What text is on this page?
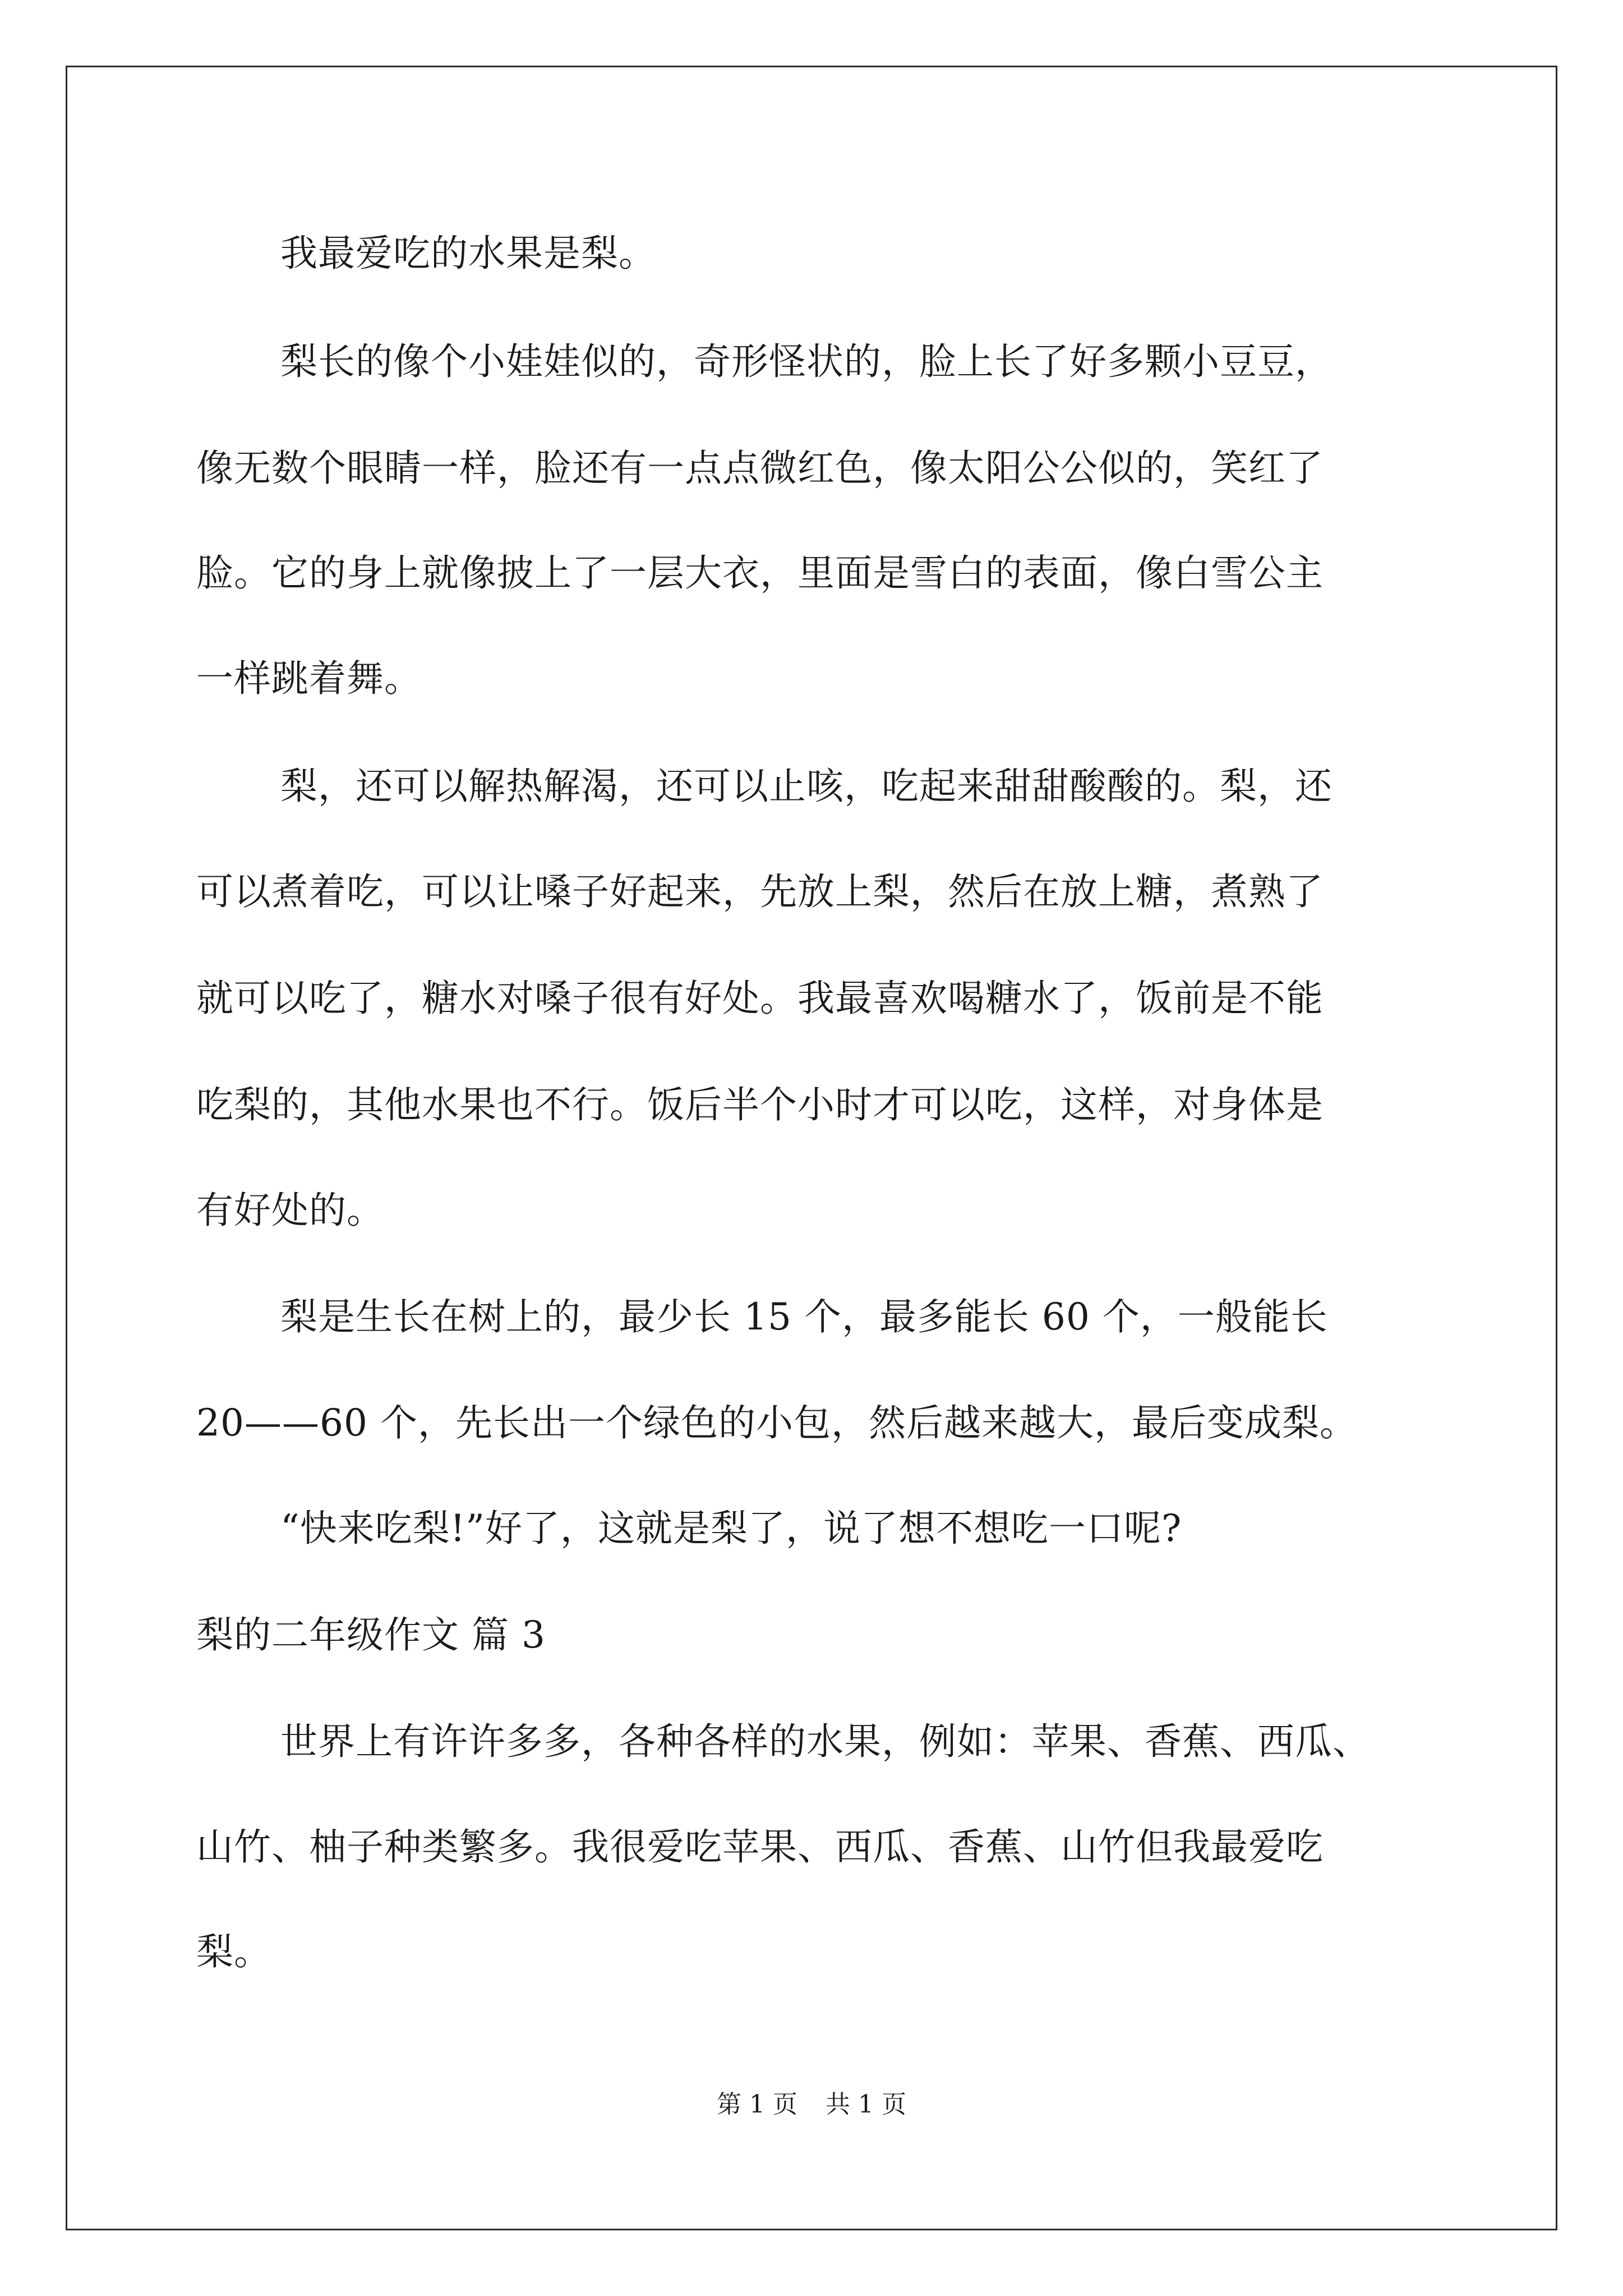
我最爱吃的水果是梨。
梨长的像个小娃娃似的，奇形怪状的，脸上长了好多颗小豆豆，
像无数个眼睛一样，脸还有一点点微红色，像太阳公公似的，笑红了
脸。它的身上就像披上了一层大衣，里面是雪白的表面，像白雪公主
一样跳着舞。
梨，还可以解热解渴，还可以止咳，吃起来甜甜酸酸的。梨，还
可以煮着吃，可以让嗓子好起来，先放上梨，然后在放上糖，煮熟了
就可以吃了，糖水对嗓子很有好处。我最喜欢喝糖水了，饭前是不能
吃梨的，其他水果也不行。饭后半个小时才可以吃，这样，对身体是
有好处的。
梨是生长在树上的，最少长 15 个，最多能长 60 个，一般能长
20——60 个，先长出一个绿色的小包，然后越来越大，最后变成梨。
“快来吃梨!”好了，这就是梨了，说了想不想吃一口呢?
梨的二年级作文 篇 3
世界上有许许多多，各种各样的水果，例如：苹果、香蕉、西瓜、
山竹、柚子种类繁多。我很爱吃苹果、西瓜、香蕉、山竹但我最爱吃
梨。
第 1 页 共 1 页
